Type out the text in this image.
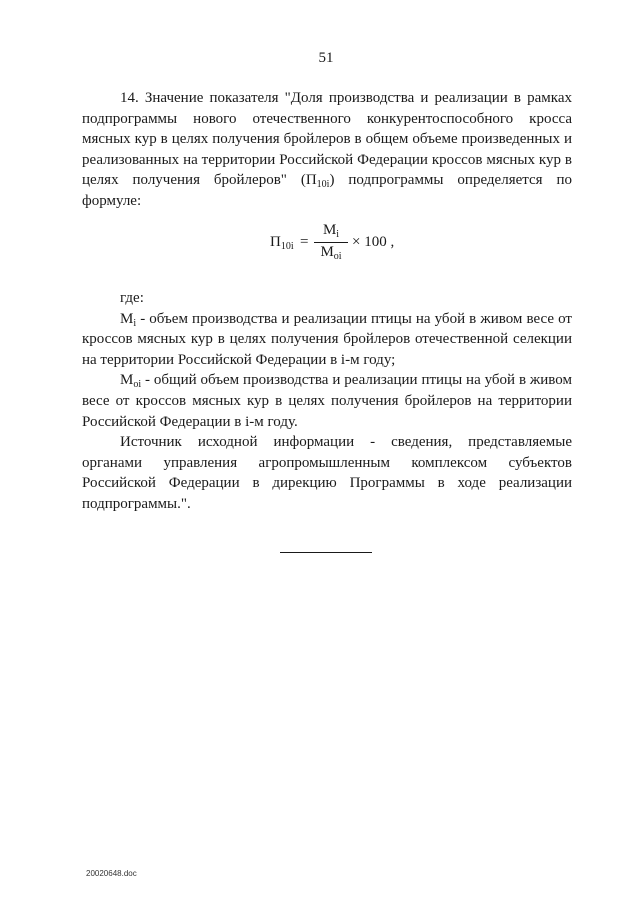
51

14. Значение показателя "Доля производства и реализации в рамках подпрограммы нового отечественного конкурентоспособного кросса мясных кур в целях получения бройлеров в общем объеме произведенных и реализованных на территории Российской Федерации кроссов мясных кур в целях получения бройлеров" $(П_{10i})$ подпрограммы определяется по формуле:

$П_{10i}$ =
$M_i$
$M_{oi}$
× 100 ,

где:

$M_i$ - объем производства и реализации птицы на убой в живом весе от кроссов мясных кур в целях получения бройлеров отечественной селекции на территории Российской Федерации в i-м году;

$M_{oi}$ - общий объем производства и реализации птицы на убой в живом весе от кроссов мясных кур в целях получения бройлеров на территории Российской Федерации в i-м году.

Источник исходной информации - сведения, представляемые органами управления агропромышленным комплексом субъектов Российской Федерации в дирекцию Программы в ходе реализации подпрограммы.".

20020648.doc
